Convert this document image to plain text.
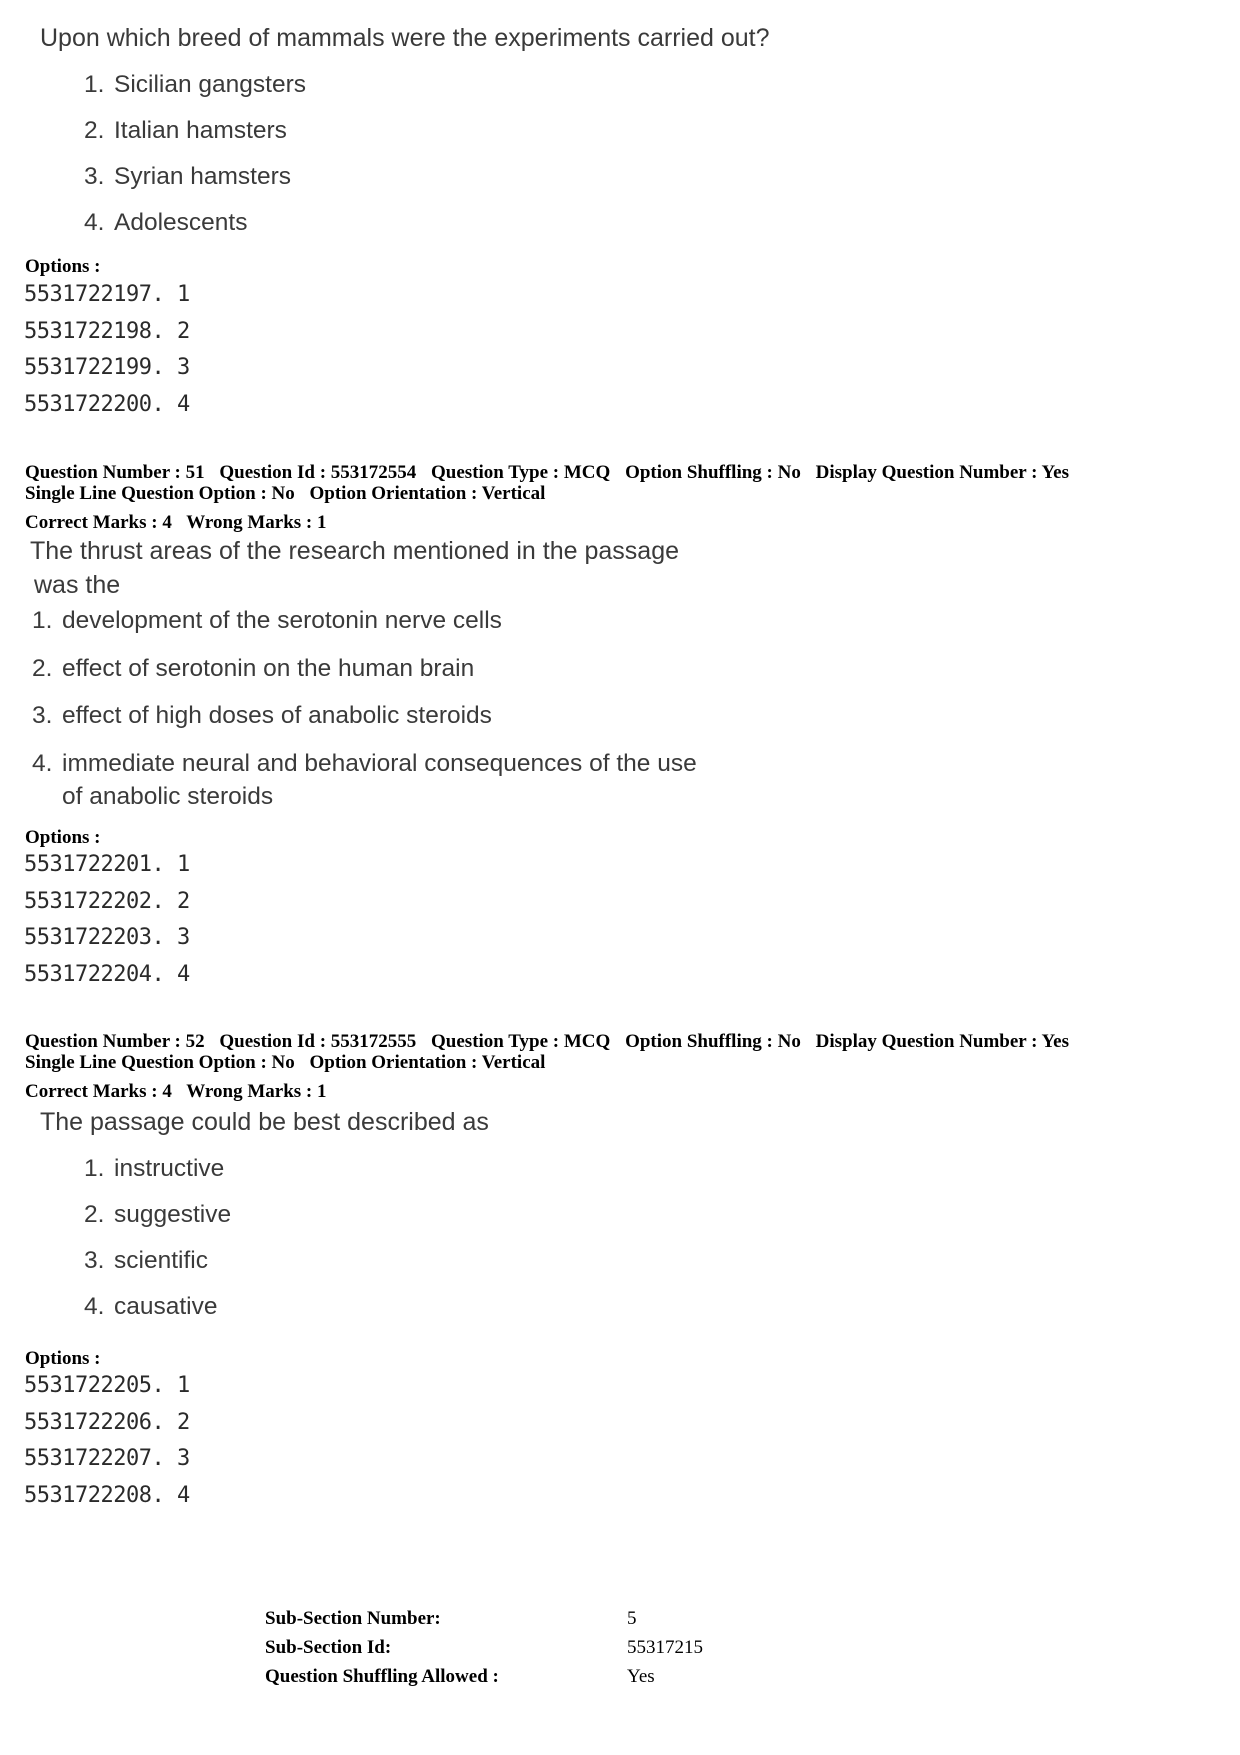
Upon which breed of mammals were the experiments carried out?
1. Sicilian gangsters
2. Italian hamsters
3. Syrian hamsters
4. Adolescents
Options :
5531722197. 1
5531722198. 2
5531722199. 3
5531722200. 4
Question Number : 51 Question Id : 553172554 Question Type : MCQ Option Shuffling : No Display Question Number : Yes
Single Line Question Option : No Option Orientation : Vertical
Correct Marks : 4 Wrong Marks : 1
The thrust areas of the research mentioned in the passage
was the
1. development of the serotonin nerve cells
2. effect of serotonin on the human brain
3. effect of high doses of anabolic steroids
4. immediate neural and behavioral consequences of the use
of anabolic steroids
Options :
5531722201. 1
5531722202. 2
5531722203. 3
5531722204. 4
Question Number : 52 Question Id : 553172555 Question Type : MCQ Option Shuffling : No Display Question Number : Yes
Single Line Question Option : No Option Orientation : Vertical
Correct Marks : 4 Wrong Marks : 1
The passage could be best described as
1. instructive
2. suggestive
3. scientific
4. causative
Options :
5531722205. 1
5531722206. 2
5531722207. 3
5531722208. 4
Sub-Section Number:	5
Sub-Section Id:	55317215
Question Shuffling Allowed :	Yes
